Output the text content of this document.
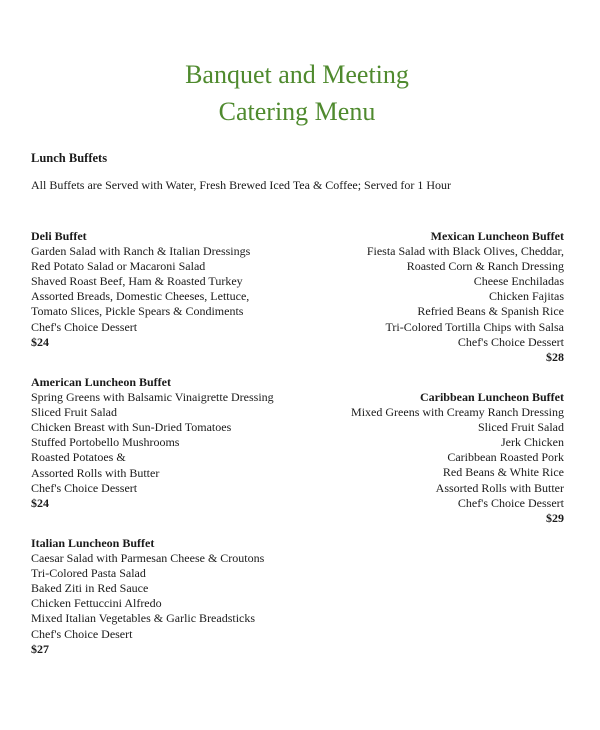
Banquet and Meeting
Catering Menu
Lunch Buffets
All Buffets are Served with Water, Fresh Brewed Iced Tea & Coffee; Served for 1 Hour
Deli Buffet
Garden Salad with Ranch & Italian Dressings
Red Potato Salad or Macaroni Salad
Shaved Roast Beef, Ham & Roasted Turkey
Assorted Breads, Domestic Cheeses, Lettuce,
Tomato Slices, Pickle Spears & Condiments
Chef's Choice Dessert
$24
Mexican Luncheon Buffet
Fiesta Salad with Black Olives, Cheddar,
Roasted Corn & Ranch Dressing
Cheese Enchiladas
Chicken Fajitas
Refried Beans & Spanish Rice
Tri-Colored Tortilla Chips with Salsa
Chef's Choice Dessert
$28
American Luncheon Buffet
Spring Greens with Balsamic Vinaigrette Dressing
Sliced Fruit Salad
Chicken Breast with Sun-Dried Tomatoes
Stuffed Portobello Mushrooms
Roasted Potatoes &
Assorted Rolls with Butter
Chef's Choice Dessert
$24
Caribbean Luncheon Buffet
Mixed Greens with Creamy Ranch Dressing
Sliced Fruit Salad
Jerk Chicken
Caribbean Roasted Pork
Red Beans & White Rice
Assorted Rolls with Butter
Chef's Choice Dessert
$29
Italian Luncheon Buffet
Caesar Salad with Parmesan Cheese & Croutons
Tri-Colored Pasta Salad
Baked Ziti in Red Sauce
Chicken Fettuccini Alfredo
Mixed Italian Vegetables & Garlic Breadsticks
Chef's Choice Desert
$27
